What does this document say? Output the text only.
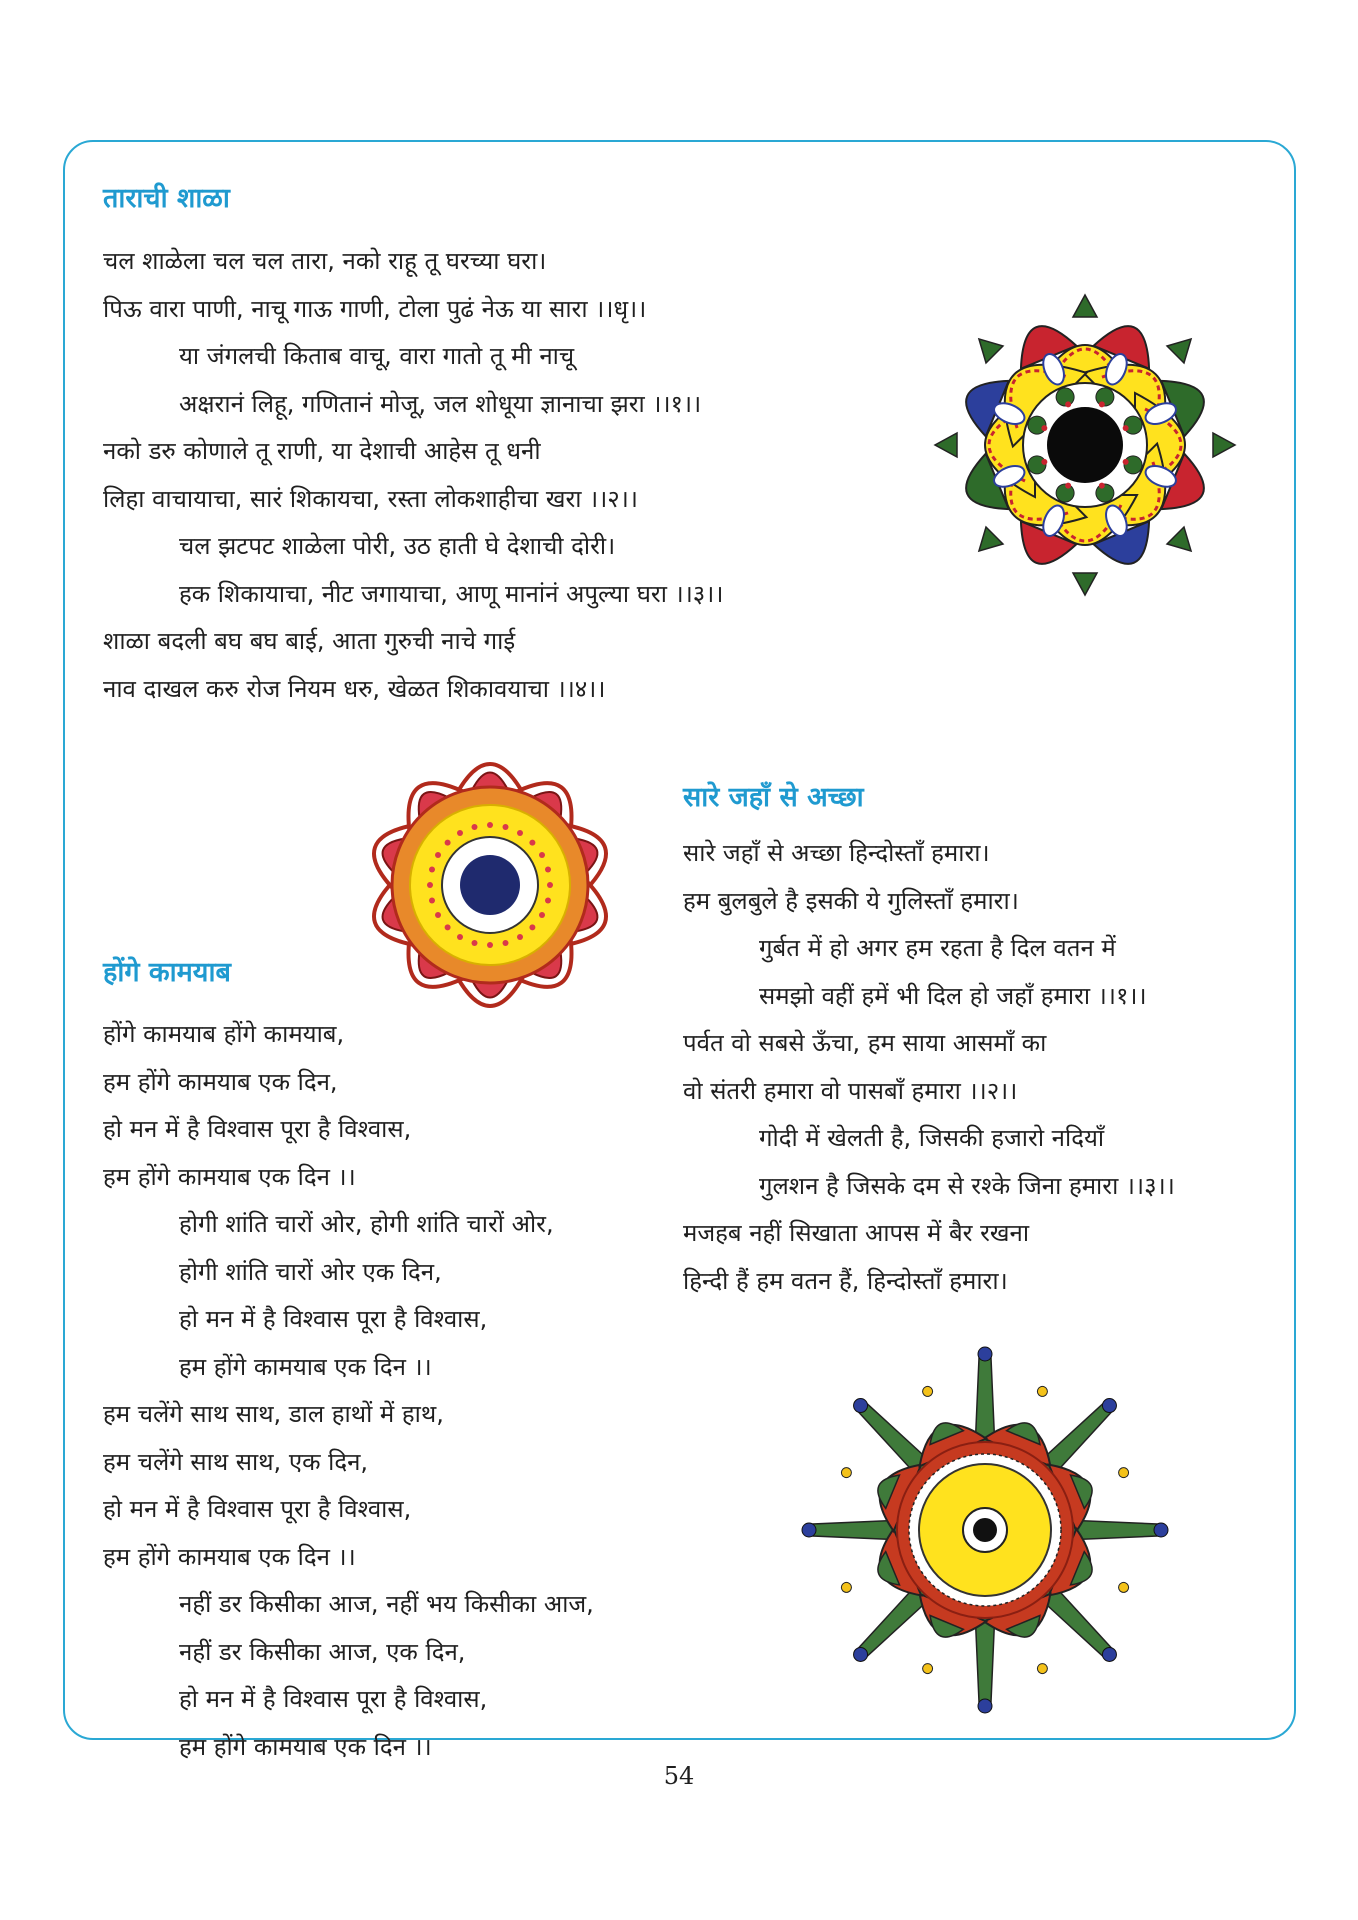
ताराची शाळा
चल शाळेला चल चल तारा, नको राहू तू घरच्या घरा।
पिऊ वारा पाणी, नाचू गाऊ गाणी, टोला पुढं नेऊ या सारा ।।धृ।।
या जंगलची किताब वाचू, वारा गातो तू मी नाचू
अक्षरानं लिहू, गणितानं मोजू, जल शोधूया ज्ञानाचा झरा ।।१।।
नको डरु कोणाले तू राणी, या देशाची आहेस तू धनी
लिहा वाचायाचा, सारं शिकायचा, रस्ता लोकशाहीचा खरा ।।२।।
चल झटपट शाळेला पोरी, उठ हाती घे देशाची दोरी।
हक शिकायाचा, नीट जगायाचा, आणू मानांनं अपुल्या घरा ।।३।।
शाळा बदली बघ बघ बाई, आता गुरुची नाचे गाई
नाव दाखल करु रोज नियम धरु, खेळत शिकावयाचा ।।४।।
होंगे कामयाब
होंगे कामयाब होंगे कामयाब,
हम होंगे कामयाब एक दिन,
हो मन में है विश्वास पूरा है विश्वास,
हम होंगे कामयाब एक दिन ।।
होगी शांति चारों ओर, होगी शांति चारों ओर,
होगी शांति चारों ओर एक दिन,
हो मन में है विश्वास पूरा है विश्वास,
हम होंगे कामयाब एक दिन ।।
हम चलेंगे साथ साथ, डाल हाथों में हाथ,
हम चलेंगे साथ साथ, एक दिन,
हो मन में है विश्वास पूरा है विश्वास,
हम होंगे कामयाब एक दिन ।।
नहीं डर किसीका आज, नहीं भय किसीका आज,
नहीं डर किसीका आज, एक दिन,
हो मन में है विश्वास पूरा है विश्वास,
हम होंगे कामयाब एक दिन ।।
सारे जहाँ से अच्छा
सारे जहाँ से अच्छा हिन्दोस्ताँ हमारा।
हम बुलबुले है इसकी ये गुलिस्ताँ हमारा।
गुर्बत में हो अगर हम रहता है दिल वतन में
समझो वहीं हमें भी दिल हो जहाँ हमारा ।।१।।
पर्वत वो सबसे ऊँचा, हम साया आसमाँ का
वो संतरी हमारा वो पासबाँ हमारा ।।२।।
गोदी में खेलती है, जिसकी हजारो नदियाँ
गुलशन है जिसके दम से रश्के जिना हमारा ।।३।।
मजहब नहीं सिखाता आपस में बैर रखना
हिन्दी हैं हम वतन हैं, हिन्दोस्ताँ हमारा।
54
